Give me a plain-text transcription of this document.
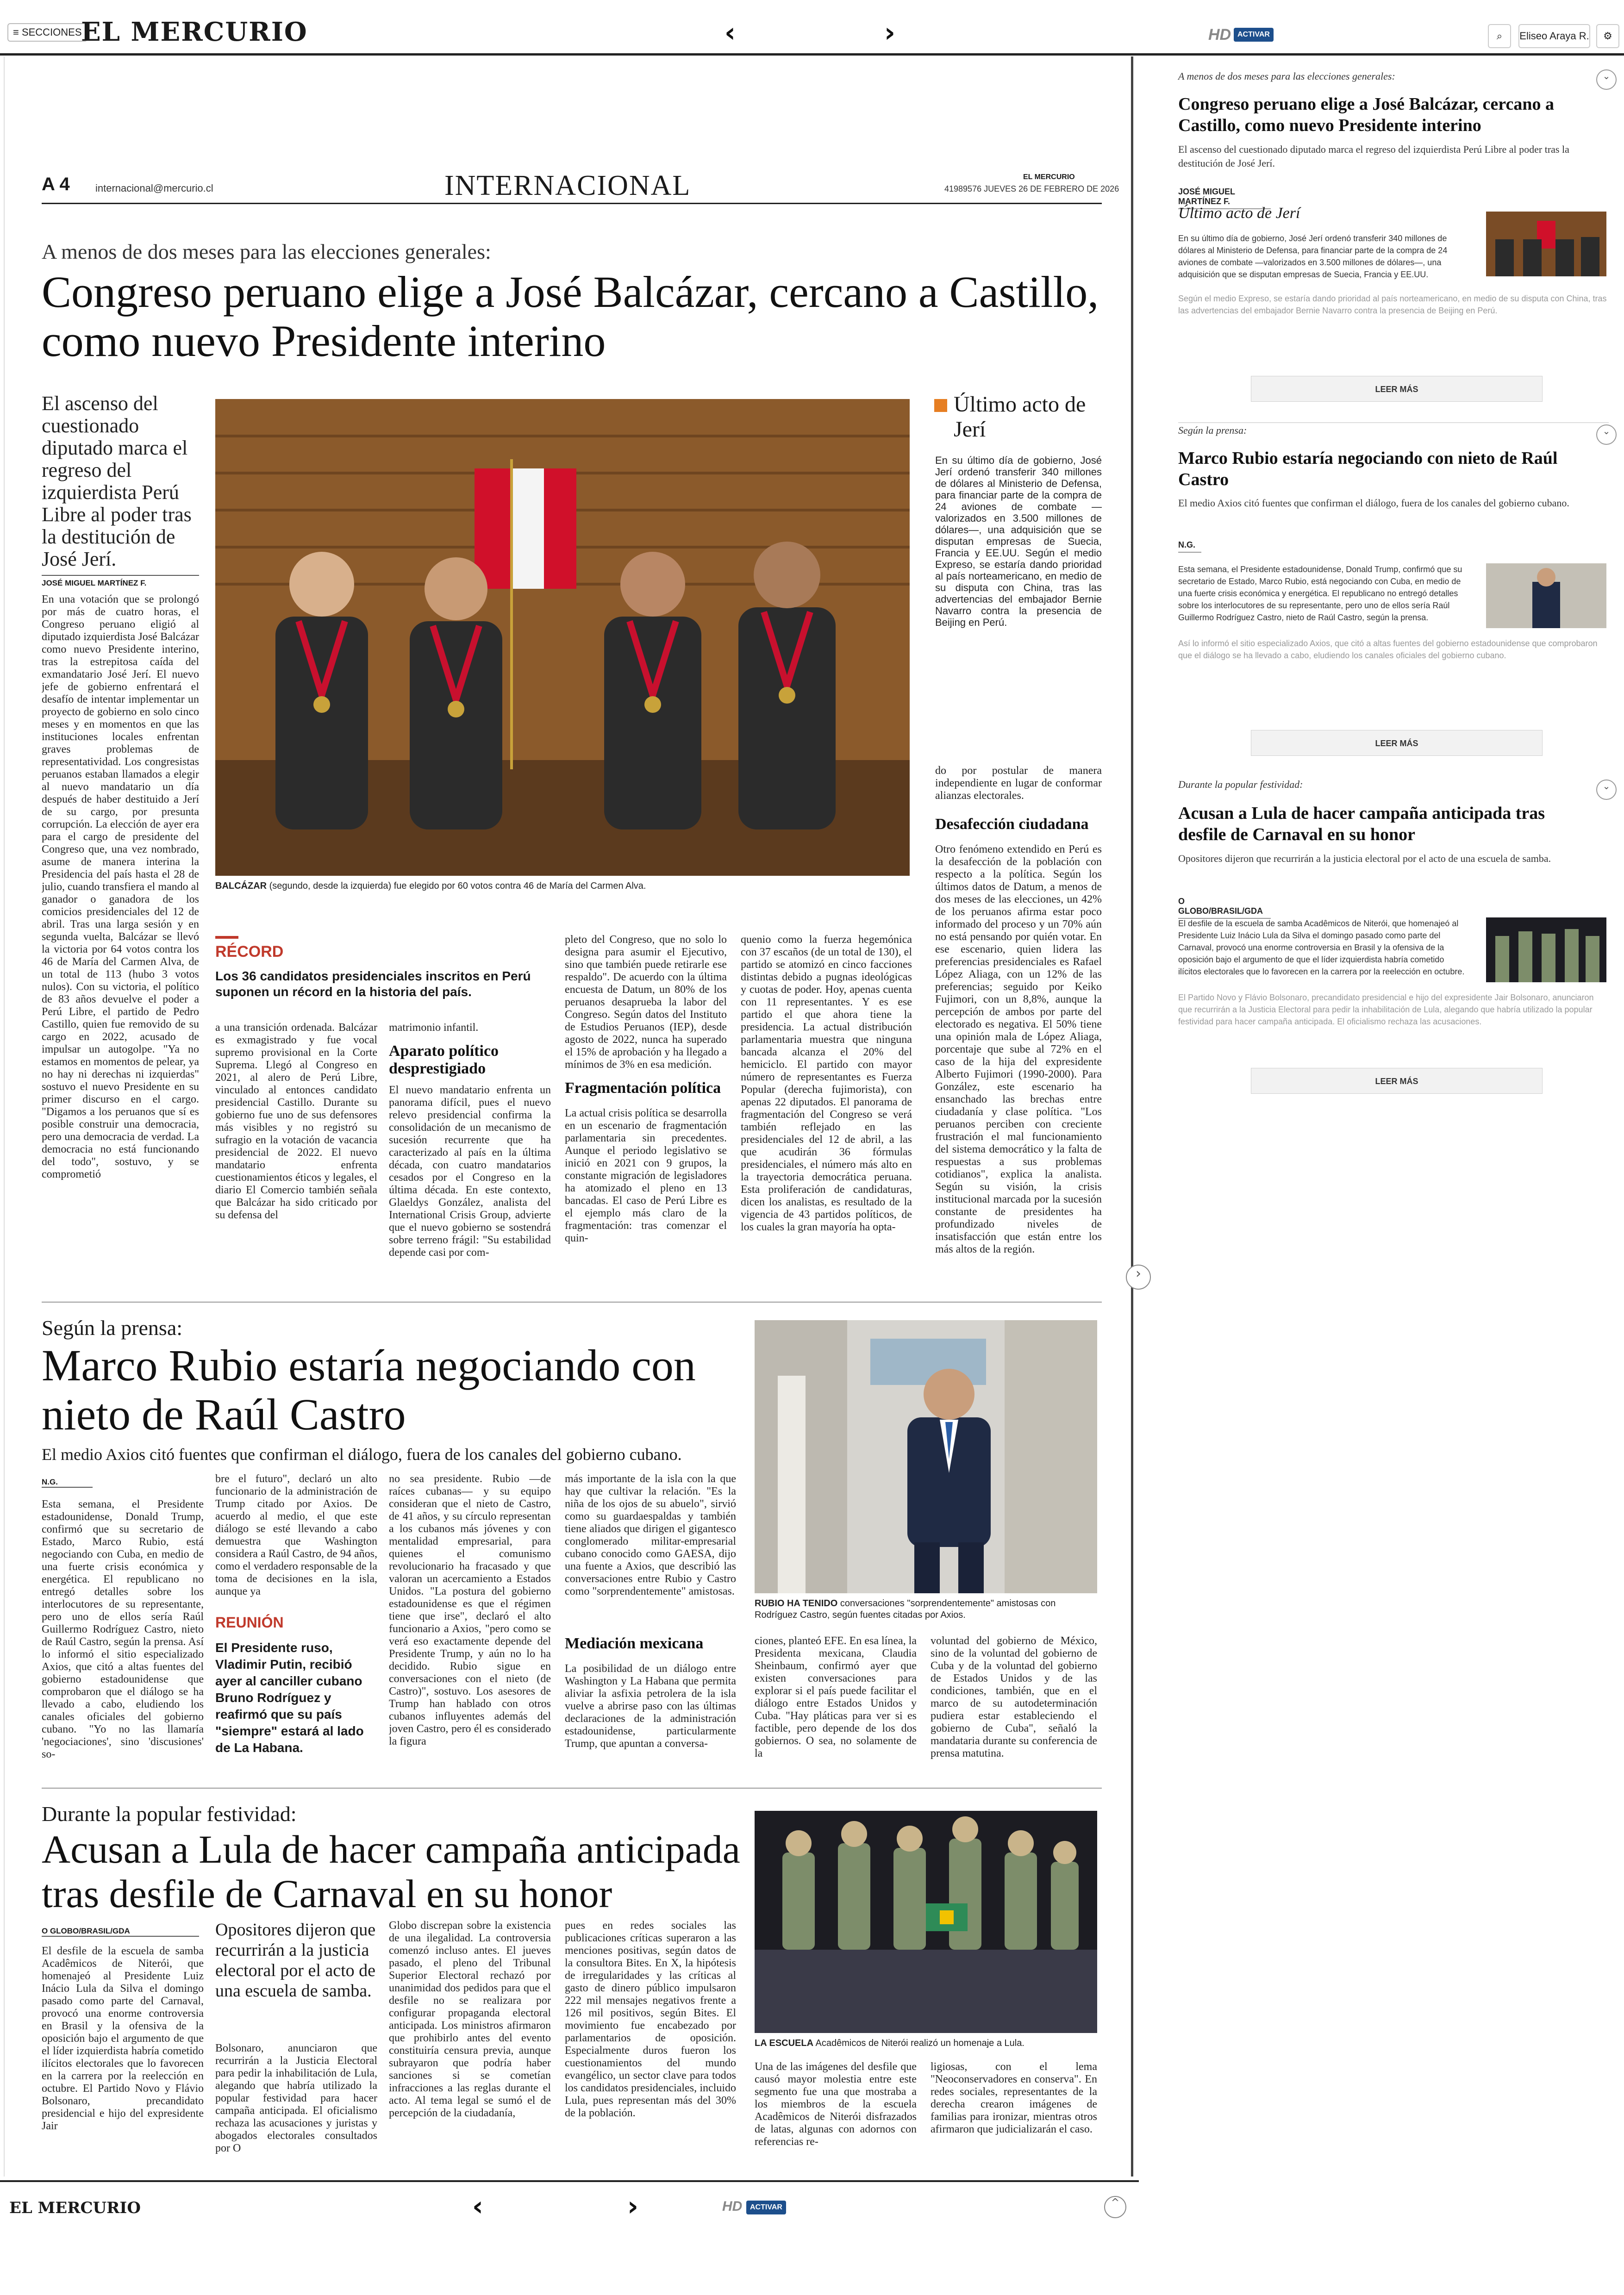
≡ SECCIONES
EL MERCURIO	‹	›	HD ACTIVAR	⌕	Eliseo Araya R.	⚙
A 4	internacional@mercurio.cl	INTERNACIONAL	EL MERCURIO
41989576 JUEVES 26 DE FEBRERO DE 2026
A menos de dos meses para las elecciones generales:
Congreso peruano elige a José Balcázar, cercano a Castillo, como nuevo Presidente interino
El ascenso del cuestionado diputado marca el regreso del izquierdista Perú Libre al poder tras la destitución de José Jerí.
JOSÉ MIGUEL MARTÍNEZ F.
En una votación que se prolongó por más de cuatro horas, el Congreso peruano eligió al diputado izquierdista José Balcázar como nuevo Presidente interino, tras la estrepitosa caída del exmandatario José Jerí. El nuevo jefe de gobierno enfrentará el desafío de intentar implementar un proyecto de gobierno en solo cinco meses y en momentos en que las instituciones locales enfrentan graves problemas de representatividad. Los congresistas peruanos estaban llamados a elegir al nuevo mandatario un día después de haber destituido a Jerí de su cargo, por presunta corrupción. La elección de ayer era para el cargo de presidente del Congreso que, una vez nombrado, asume de manera interina la Presidencia del país hasta el 28 de julio, cuando transfiera el mando al ganador o ganadora de los comicios presidenciales del 12 de abril. Tras una larga sesión y en segunda vuelta, Balcázar se llevó la victoria por 64 votos contra los 46 de María del Carmen Alva, de un total de 113 (hubo 3 votos nulos). Con su victoria, el político de 83 años devuelve el poder a Perú Libre, el partido de Pedro Castillo, quien fue removido de su cargo en 2022, acusado de impulsar un autogolpe. "Ya no estamos en momentos de pelear, ya no hay ni derechas ni izquierdas" sostuvo el nuevo Presidente en su primer discurso en el cargo. "Digamos a los peruanos que sí es posible construir una democracia, pero una democracia de verdad. La democracia no está funcionando del todo", sostuvo, y se comprometió
BALCÁZAR (segundo, desde la izquierda) fue elegido por 60 votos contra 46 de María del Carmen Alva.
Último acto de Jerí
En su último día de gobierno, José Jerí ordenó transferir 340 millones de dólares al Ministerio de Defensa, para financiar parte de la compra de 24 aviones de combate —valorizados en 3.500 millones de dólares—, una adquisición que se disputan empresas de Suecia, Francia y EE.UU. Según el medio Expreso, se estaría dando prioridad al país norteamericano, en medio de su disputa con China, tras las advertencias del embajador Bernie Navarro contra la presencia de Beijing en Perú.
do por postular de manera independiente en lugar de conformar alianzas electorales.
Desafección ciudadana
Otro fenómeno extendido en Perú es la desafección de la población con respecto a la política. Según los últimos datos de Datum, a menos de dos meses de las elecciones, un 42% de los peruanos afirma estar poco informado del proceso y un 70% aún no está pensando por quién votar. En ese escenario, quien lidera las preferencias presidenciales es Rafael López Aliaga, con un 12% de las preferencias; seguido por Keiko Fujimori, con un 8,8%, aunque la percepción de ambos por parte del electorado es negativa. El 50% tiene una opinión mala de López Aliaga, porcentaje que sube al 72% en el caso de la hija del expresidente Alberto Fujimori (1990-2000). Para González, este escenario ha ensanchado las brechas entre ciudadanía y clase política. "Los peruanos perciben con creciente frustración el mal funcionamiento del sistema democrático y la falta de respuestas a sus problemas cotidianos", explica la analista. Según su visión, la crisis institucional marcada por la sucesión constante de presidentes ha profundizado niveles de insatisfacción que están entre los más altos de la región.
RÉCORD
Los 36 candidatos presidenciales inscritos en Perú suponen un récord en la historia del país.
a una transición ordenada. Balcázar es exmagistrado y fue vocal supremo provisional en la Corte Suprema. Llegó al Congreso en 2021, al alero de Perú Libre, vinculado al entonces candidato presidencial Castillo. Durante su gobierno fue uno de sus defensores más visibles y no registró su sufragio en la votación de vacancia presidencial de 2022. El nuevo mandatario enfrenta cuestionamientos éticos y legales, el diario El Comercio también señala que Balcázar ha sido criticado por su defensa del
matrimonio infantil.
Aparato político desprestigiado
El nuevo mandatario enfrenta un panorama difícil, pues el nuevo relevo presidencial confirma la consolidación de un mecanismo de sucesión recurrente que ha caracterizado al país en la última década, con cuatro mandatarios cesados por el Congreso en la última década. En este contexto, Glaeldys González, analista del International Crisis Group, advierte que el nuevo gobierno se sostendrá sobre terreno frágil: "Su estabilidad depende casi por com-
pleto del Congreso, que no solo lo designa para asumir el Ejecutivo, sino que también puede retirarle ese respaldo". De acuerdo con la última encuesta de Datum, un 80% de los peruanos desaprueba la labor del Congreso. Según datos del Instituto de Estudios Peruanos (IEP), desde agosto de 2022, nunca ha superado el 15% de aprobación y ha llegado a mínimos de 3% en esa medición.
Fragmentación política
La actual crisis política se desarrolla en un escenario de fragmentación parlamentaria sin precedentes. Aunque el periodo legislativo se inició en 2021 con 9 grupos, la constante migración de legisladores ha atomizado el pleno en 13 bancadas. El caso de Perú Libre es el ejemplo más claro de la fragmentación: tras comenzar el quin-
quenio como la fuerza hegemónica con 37 escaños (de un total de 130), el partido se atomizó en cinco facciones distintas debido a pugnas ideológicas y cuotas de poder. Hoy, apenas cuenta con 11 representantes. Y es ese partido el que ahora tiene la presidencia. La actual distribución parlamentaria muestra que ninguna bancada alcanza el 20% del hemiciclo. El partido con mayor número de representantes es Fuerza Popular (derecha fujimorista), con apenas 22 diputados. El panorama de fragmentación del Congreso se verá también reflejado en las presidenciales del 12 de abril, a las que acudirán 36 fórmulas presidenciales, el número más alto en la trayectoria democrática peruana. Esta proliferación de candidaturas, dicen los analistas, es resultado de la vigencia de 43 partidos políticos, de los cuales la gran mayoría ha opta-
Según la prensa:
Marco Rubio estaría negociando con nieto de Raúl Castro
El medio Axios citó fuentes que confirman el diálogo, fuera de los canales del gobierno cubano.
N.G.
Esta semana, el Presidente estadounidense, Donald Trump, confirmó que su secretario de Estado, Marco Rubio, está negociando con Cuba, en medio de una fuerte crisis económica y energética. El republicano no entregó detalles sobre los interlocutores de su representante, pero uno de ellos sería Raúl Guillermo Rodríguez Castro, nieto de Raúl Castro, según la prensa. Así lo informó el sitio especializado Axios, que citó a altas fuentes del gobierno estadounidense que comprobaron que el diálogo se ha llevado a cabo, eludiendo los canales oficiales del gobierno cubano. "Yo no las llamaría 'negociaciones', sino 'discusiones' so-
bre el futuro", declaró un alto funcionario de la administración de Trump citado por Axios. De acuerdo al medio, el que este diálogo se esté llevando a cabo demuestra que Washington considera a Raúl Castro, de 94 años, como el verdadero responsable de la toma de decisiones en la isla, aunque ya
REUNIÓN
El Presidente ruso, Vladimir Putin, recibió ayer al canciller cubano Bruno Rodríguez y reafirmó que su país "siempre" estará al lado de La Habana.
no sea presidente. Rubio —de raíces cubanas— y su equipo consideran que el nieto de Castro, de 41 años, y su círculo representan a los cubanos más jóvenes y con mentalidad empresarial, para quienes el comunismo revolucionario ha fracasado y que valoran un acercamiento a Estados Unidos. "La postura del gobierno estadounidense es que el régimen tiene que irse", declaró el alto funcionario a Axios, "pero como se verá eso exactamente depende del Presidente Trump, y aún no lo ha decidido. Rubio sigue en conversaciones con el nieto (de Castro)", sostuvo. Los asesores de Trump han hablado con otros cubanos influyentes además del joven Castro, pero él es considerado la figura
más importante de la isla con la que hay que cultivar la relación. "Es la niña de los ojos de su abuelo", sirvió como su guardaespaldas y también tiene aliados que dirigen el gigantesco conglomerado militar-empresarial cubano conocido como GAESA, dijo una fuente a Axios, que describió las conversaciones entre Rubio y Castro como "sorprendentemente" amistosas.
Mediación mexicana
La posibilidad de un diálogo entre Washington y La Habana que permita aliviar la asfixia petrolera de la isla vuelve a abrirse paso con las últimas declaraciones de la administración estadounidense, particularmente Trump, que apuntan a conversa-
RUBIO HA TENIDO conversaciones "sorprendentemente" amistosas con Rodríguez Castro, según fuentes citadas por Axios.
ciones, planteó EFE. En esa línea, la Presidenta mexicana, Claudia Sheinbaum, confirmó ayer que existen conversaciones para explorar si el país puede facilitar el diálogo entre Estados Unidos y Cuba. "Hay pláticas para ver si es factible, pero depende de los dos gobiernos. O sea, no solamente de la
voluntad del gobierno de México, sino de la voluntad del gobierno de Cuba y de la voluntad del gobierno de Estados Unidos y de las condiciones, también, que en el marco de su autodeterminación pudiera estar estableciendo el gobierno de Cuba", señaló la mandataria durante su conferencia de prensa matutina.
Durante la popular festividad:
Acusan a Lula de hacer campaña anticipada tras desfile de Carnaval en su honor
O GLOBO/BRASIL/GDA
El desfile de la escuela de samba Acadêmicos de Niterói, que homenajeó al Presidente Luiz Inácio Lula da Silva el domingo pasado como parte del Carnaval, provocó una enorme controversia en Brasil y la ofensiva de la oposición bajo el argumento de que el líder izquierdista habría cometido ilícitos electorales que lo favorecen en la carrera por la reelección en octubre. El Partido Novo y Flávio Bolsonaro, precandidato presidencial e hijo del expresidente Jair
Opositores dijeron que recurrirán a la justicia electoral por el acto de una escuela de samba.
Bolsonaro, anunciaron que recurrirán a la Justicia Electoral para pedir la inhabilitación de Lula, alegando que habría utilizado la popular festividad para hacer campaña anticipada. El oficialismo rechaza las acusaciones y juristas y abogados electorales consultados por O
Globo discrepan sobre la existencia de una ilegalidad. La controversia comenzó incluso antes. El jueves pasado, el pleno del Tribunal Superior Electoral rechazó por unanimidad dos pedidos para que el desfile no se realizara por configurar propaganda electoral anticipada. Los ministros afirmaron que prohibirlo antes del evento constituiría censura previa, aunque subrayaron que podría haber sanciones si se cometían infracciones a las reglas durante el acto. Al tema legal se sumó el de percepción de la ciudadanía,
pues en redes sociales las publicaciones críticas superaron a las menciones positivas, según datos de la consultora Bites. En X, la hipótesis de irregularidades y las críticas al gasto de dinero público impulsaron 222 mil mensajes negativos frente a 126 mil positivos, según Bites. El movimiento fue encabezado por parlamentarios de oposición. Especialmente duros fueron los cuestionamientos del mundo evangélico, un sector clave para todos los candidatos presidenciales, incluido Lula, pues representan más del 30% de la población.
LA ESCUELA Acadêmicos de Niterói realizó un homenaje a Lula.
Una de las imágenes del desfile que causó mayor molestia entre este segmento fue una que mostraba a los miembros de la escuela Acadêmicos de Niterói disfrazados de latas, algunas con adornos con referencias re-
ligiosas, con el lema "Neoconservadores en conserva". En redes sociales, representantes de la derecha crearon imágenes de familias para ironizar, mientras otros afirmaron que judicializarán el caso.
›
EL MERCURIO	‹	›	HD	ACTIVAR	^
A menos de dos meses para las elecciones generales:
Congreso peruano elige a José Balcázar, cercano a Castillo, como nuevo Presidente interino
El ascenso del cuestionado diputado marca el regreso del izquierdista Perú Libre al poder tras la destitución de José Jerí.
JOSÉ MIGUEL MARTÍNEZ F.
Último acto de Jerí
En su último día de gobierno, José Jerí ordenó transferir 340 millones de dólares al Ministerio de Defensa, para financiar parte de la compra de 24 aviones de combate —valorizados en 3.500 millones de dólares—, una adquisición que se disputan empresas de Suecia, Francia y EE.UU.
Según el medio Expreso, se estaría dando prioridad al país norteamericano, en medio de su disputa con China, tras las advertencias del embajador Bernie Navarro contra la presencia de Beijing en Perú.
LEER MÁS
⌄
Según la prensa:
Marco Rubio estaría negociando con nieto de Raúl Castro
El medio Axios citó fuentes que confirman el diálogo, fuera de los canales del gobierno cubano.
N.G.
Esta semana, el Presidente estadounidense, Donald Trump, confirmó que su secretario de Estado, Marco Rubio, está negociando con Cuba, en medio de una fuerte crisis económica y energética. El republicano no entregó detalles sobre los interlocutores de su representante, pero uno de ellos sería Raúl Guillermo Rodríguez Castro, nieto de Raúl Castro, según la prensa.
Así lo informó el sitio especializado Axios, que citó a altas fuentes del gobierno estadounidense que comprobaron que el diálogo se ha llevado a cabo, eludiendo los canales oficiales del gobierno cubano.
LEER MÁS
⌄
Durante la popular festividad:
Acusan a Lula de hacer campaña anticipada tras desfile de Carnaval en su honor
Opositores dijeron que recurrirán a la justicia electoral por el acto de una escuela de samba.
O GLOBO/BRASIL/GDA
El desfile de la escuela de samba Acadêmicos de Niterói, que homenajeó al Presidente Luiz Inácio Lula da Silva el domingo pasado como parte del Carnaval, provocó una enorme controversia en Brasil y la ofensiva de la oposición bajo el argumento de que el líder izquierdista habría cometido ilícitos electorales que lo favorecen en la carrera por la reelección en octubre.
El Partido Novo y Flávio Bolsonaro, precandidato presidencial e hijo del expresidente Jair Bolsonaro, anunciaron que recurrirán a la Justicia Electoral para pedir la inhabilitación de Lula, alegando que habría utilizado la popular festividad para hacer campaña anticipada. El oficialismo rechaza las acusaciones.
LEER MÁS
⌄
